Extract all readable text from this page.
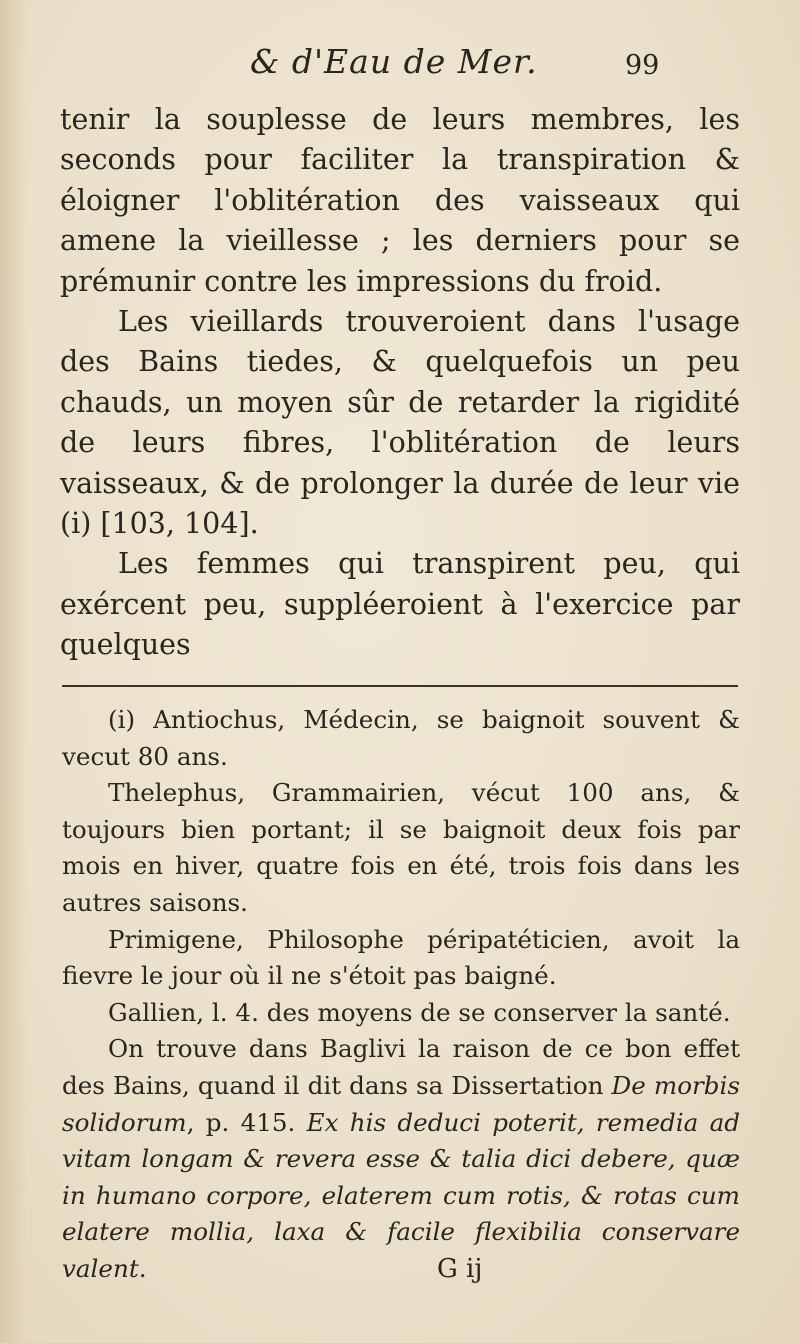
& d'Eau de Mer.	99

tenir la souplesse de leurs membres, les seconds pour faciliter la transpiration & éloigner l'oblitération des vaisseaux qui amene la vieillesse ; les derniers pour se prémunir contre les impressions du froid.

Les vieillards trouveroient dans l'usage des Bains tiedes, & quelquefois un peu chauds, un moyen sûr de retarder la rigidité de leurs fibres, l'oblitération de leurs vaisseaux, & de prolonger la durée de leur vie (i) [103, 104].

Les femmes qui transpirent peu, qui exércent peu, suppléeroient à l'exercice par quelques

(i) Antiochus, Médecin, se baignoit souvent & vecut 80 ans.

Thelephus, Grammairien, vécut 100 ans, & toujours bien portant; il se baignoit deux fois par mois en hiver, quatre fois en été, trois fois dans les autres saisons.

Primigene, Philosophe péripatéticien, avoit la fievre le jour où il ne s'étoit pas baigné.

Gallien, l. 4. des moyens de se conserver la santé.

On trouve dans Baglivi la raison de ce bon effet des Bains, quand il dit dans sa Dissertation De morbis solidorum, p. 415. Ex his deduci poterit, remedia ad vitam longam & revera esse & talia dici debere, quæ in humano corpore, elaterem cum rotis, & rotas cum elatere mollia, laxa & facile flexibilia conservare valent.	G ij
